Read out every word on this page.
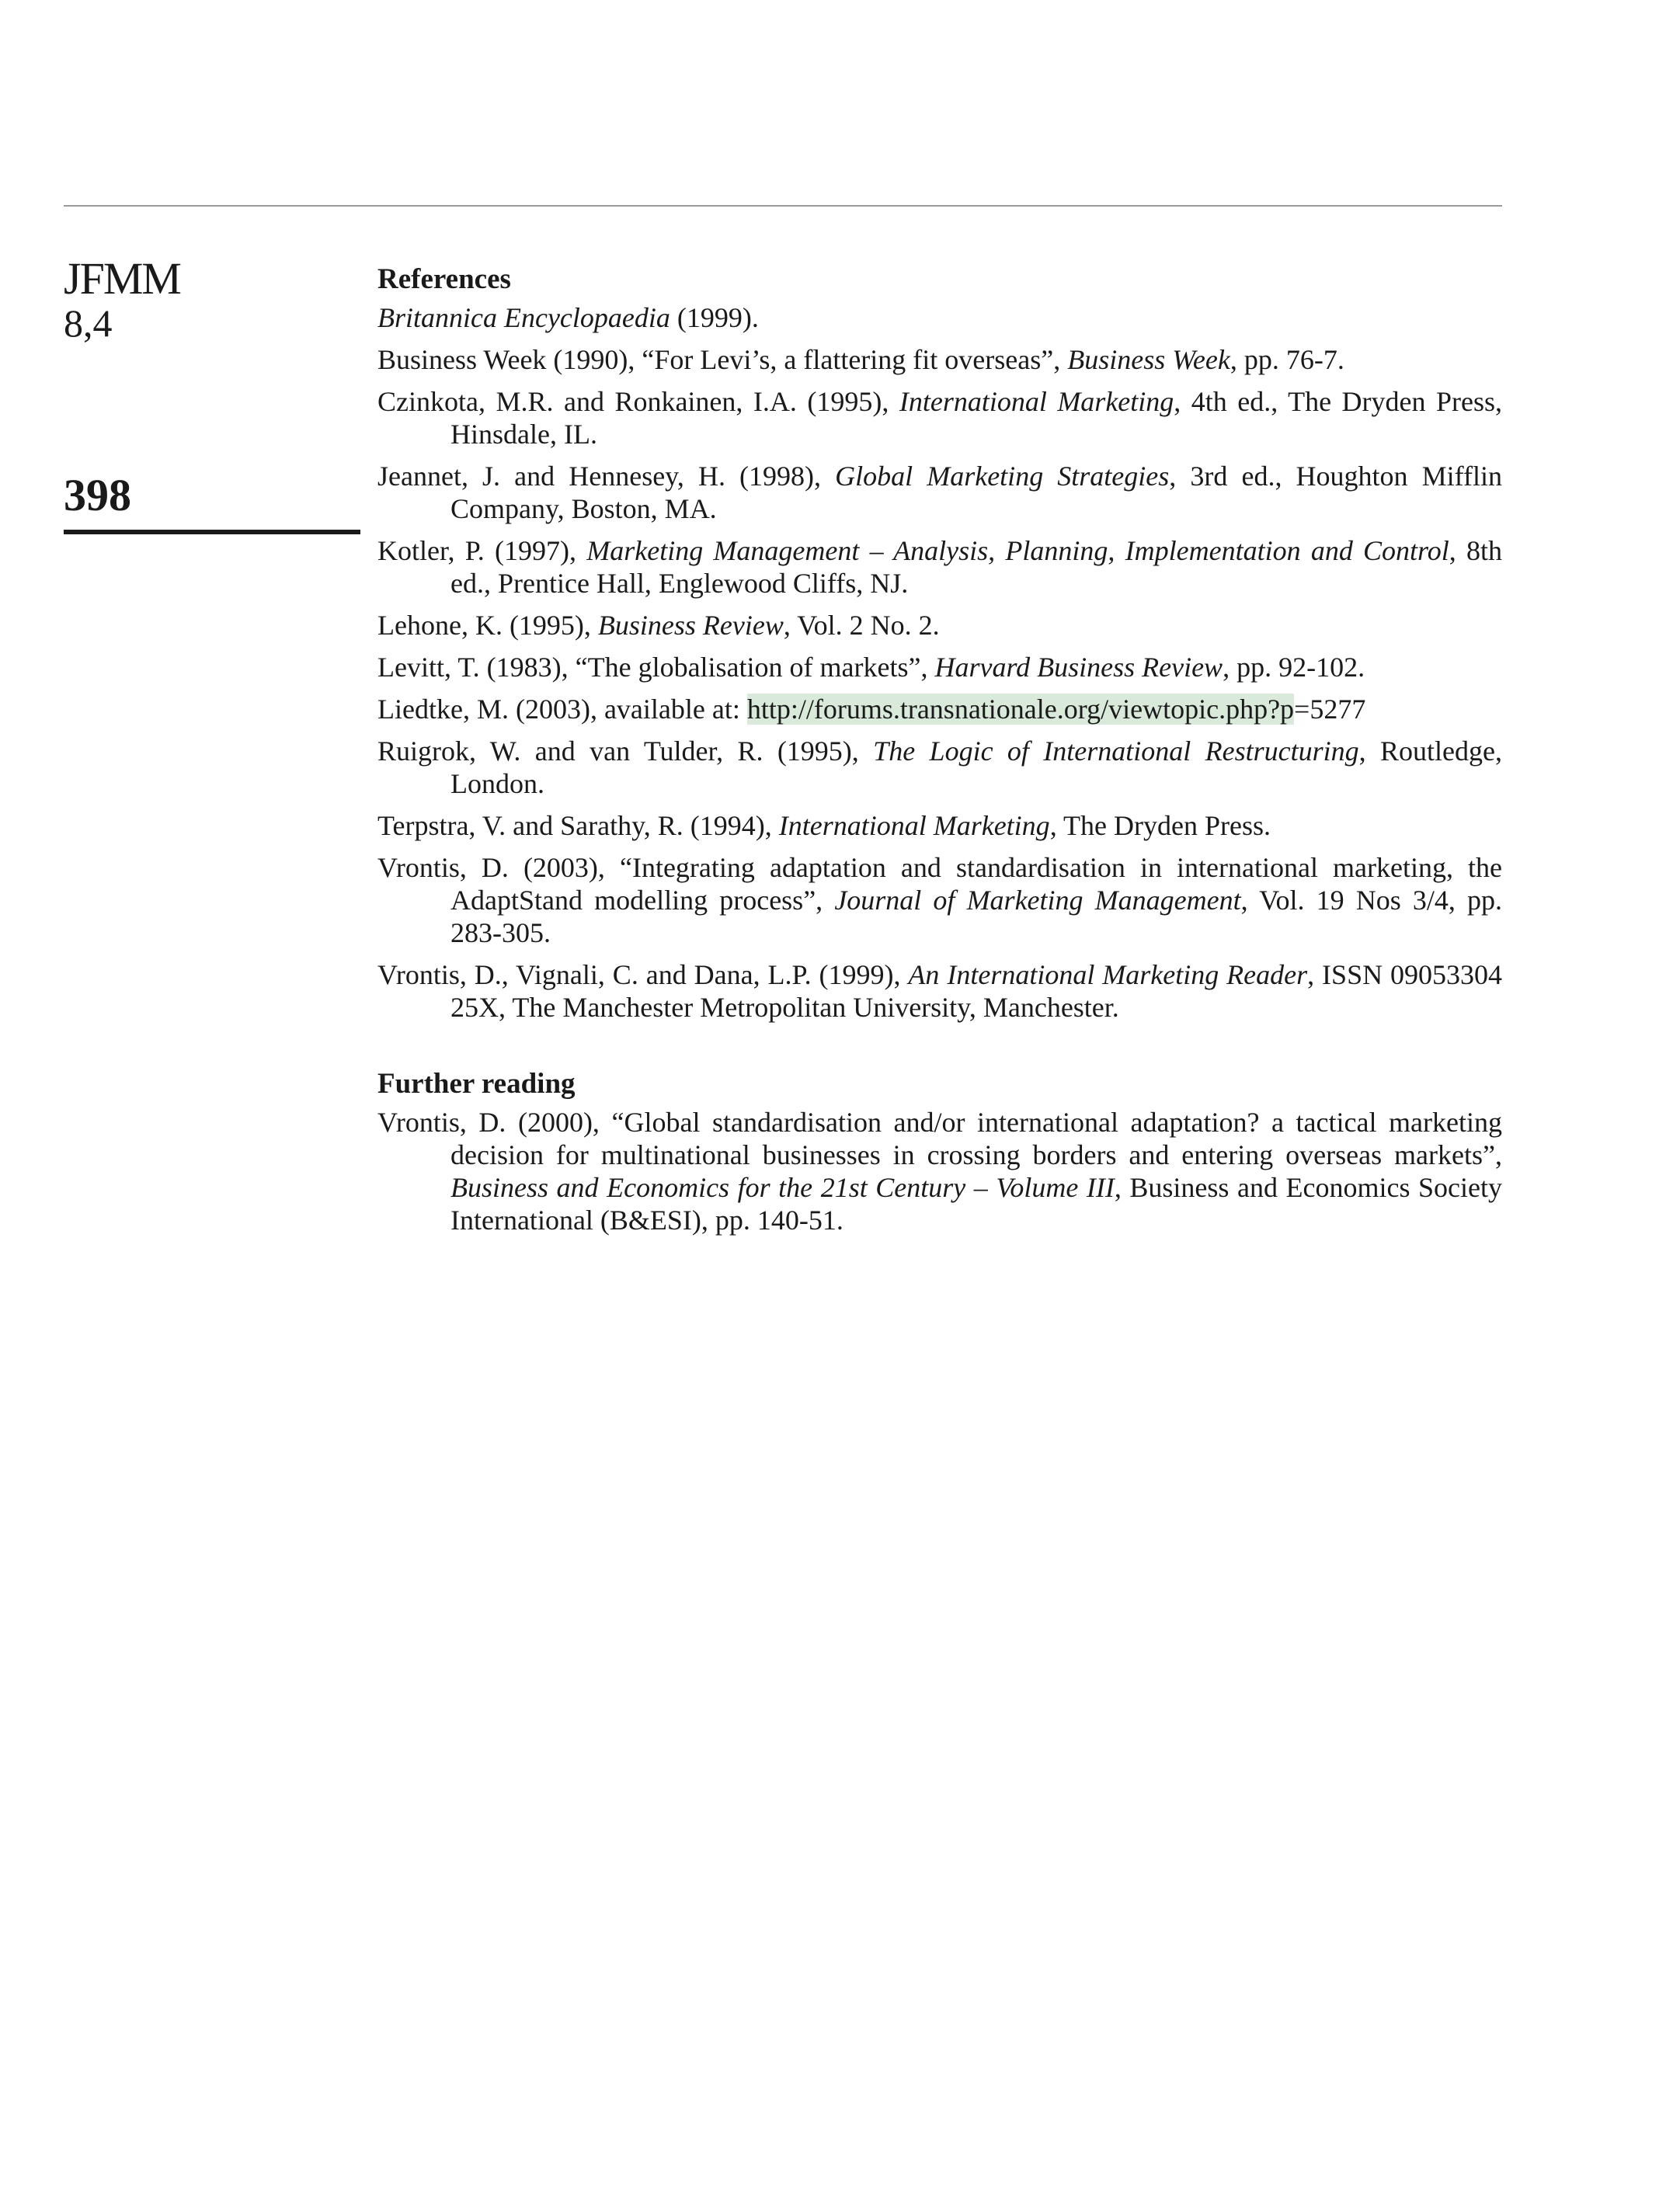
JFMM
8,4
398
References
Britannica Encyclopaedia (1999).
Business Week (1990), “For Levi’s, a flattering fit overseas”, Business Week, pp. 76-7.
Czinkota, M.R. and Ronkainen, I.A. (1995), International Marketing, 4th ed., The Dryden Press, Hinsdale, IL.
Jeannet, J. and Hennesey, H. (1998), Global Marketing Strategies, 3rd ed., Houghton Mifflin Company, Boston, MA.
Kotler, P. (1997), Marketing Management – Analysis, Planning, Implementation and Control, 8th ed., Prentice Hall, Englewood Cliffs, NJ.
Lehone, K. (1995), Business Review, Vol. 2 No. 2.
Levitt, T. (1983), “The globalisation of markets”, Harvard Business Review, pp. 92-102.
Liedtke, M. (2003), available at: http://forums.transnationale.org/viewtopic.php?p=5277
Ruigrok, W. and van Tulder, R. (1995), The Logic of International Restructuring, Routledge, London.
Terpstra, V. and Sarathy, R. (1994), International Marketing, The Dryden Press.
Vrontis, D. (2003), “Integrating adaptation and standardisation in international marketing, the AdaptStand modelling process”, Journal of Marketing Management, Vol. 19 Nos 3/4, pp. 283-305.
Vrontis, D., Vignali, C. and Dana, L.P. (1999), An International Marketing Reader, ISSN 09053304 25X, The Manchester Metropolitan University, Manchester.
Further reading
Vrontis, D. (2000), “Global standardisation and/or international adaptation? a tactical marketing decision for multinational businesses in crossing borders and entering overseas markets”, Business and Economics for the 21st Century – Volume III, Business and Economics Society International (B&ESI), pp. 140-51.
